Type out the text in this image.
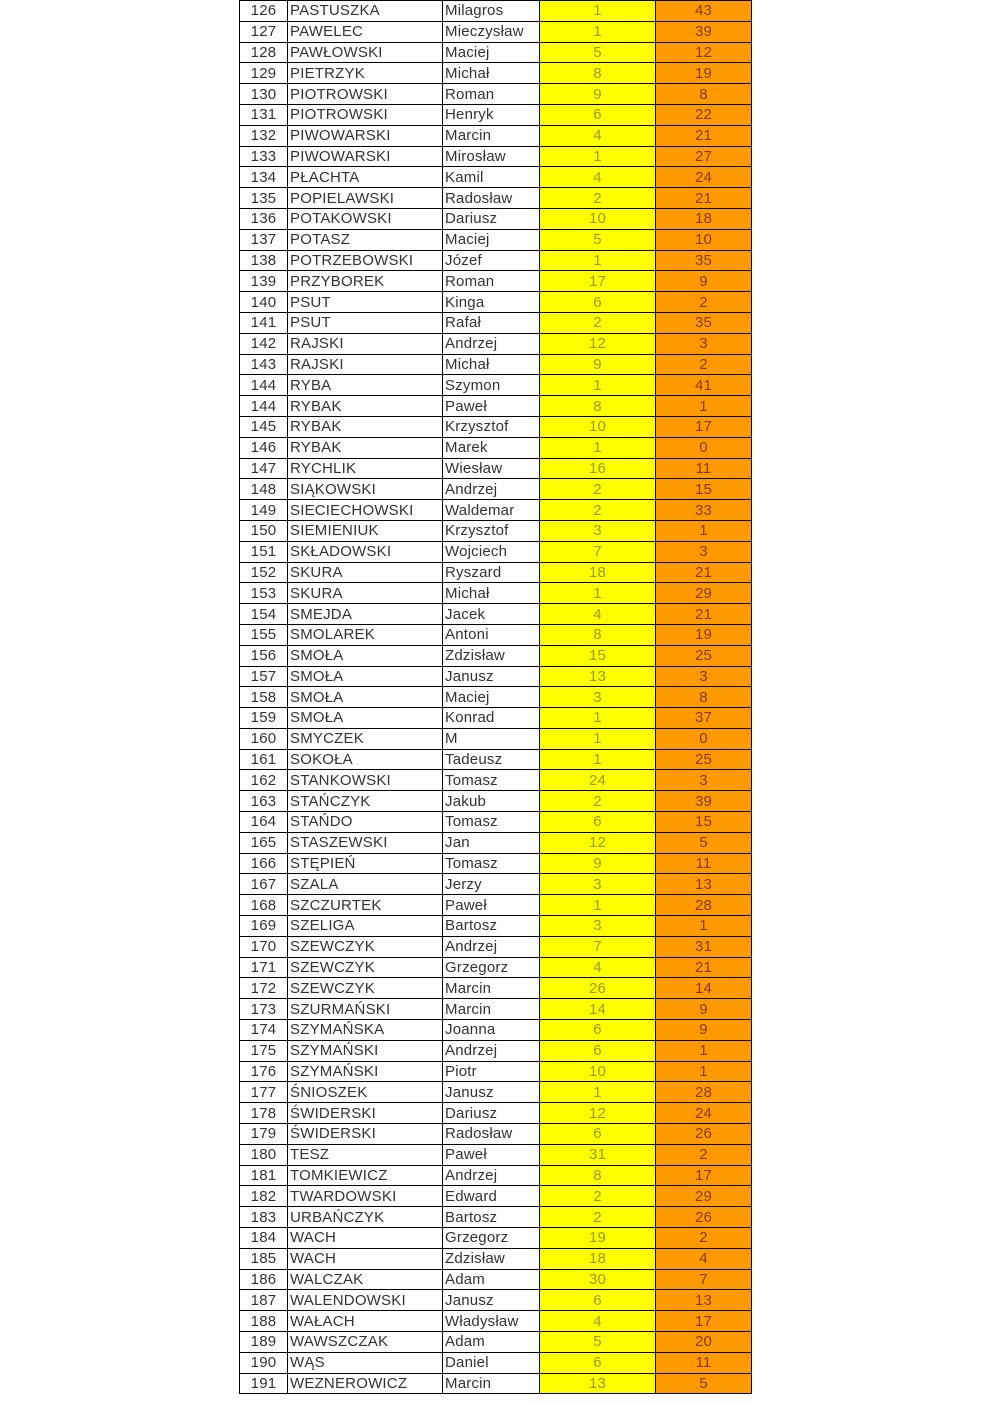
126	PASTUSZKA	Milagros	1	43
127	PAWELEC	Mieczysław	1	39
128	PAWŁOWSKI	Maciej	5	12
129	PIETRZYK	Michał	8	19
130	PIOTROWSKI	Roman	9	8
131	PIOTROWSKI	Henryk	6	22
132	PIWOWARSKI	Marcin	4	21
133	PIWOWARSKI	Mirosław	1	27
134	PŁACHTA	Kamil	4	24
135	POPIELAWSKI	Radosław	2	21
136	POTAKOWSKI	Dariusz	10	18
137	POTASZ	Maciej	5	10
138	POTRZEBOWSKI	Józef	1	35
139	PRZYBOREK	Roman	17	9
140	PSUT	Kinga	6	2
141	PSUT	Rafał	2	35
142	RAJSKI	Andrzej	12	3
143	RAJSKI	Michał	9	2
144	RYBA	Szymon	1	41
144	RYBAK	Paweł	8	1
145	RYBAK	Krzysztof	10	17
146	RYBAK	Marek	1	0
147	RYCHLIK	Wiesław	16	11
148	SIĄKOWSKI	Andrzej	2	15
149	SIECIECHOWSKI	Waldemar	2	33
150	SIEMIENIUK	Krzysztof	3	1
151	SKŁADOWSKI	Wojciech	7	3
152	SKURA	Ryszard	18	21
153	SKURA	Michał	1	29
154	SMEJDA	Jacek	4	21
155	SMOLAREK	Antoni	8	19
156	SMOŁA	Zdzisław	15	25
157	SMOŁA	Janusz	13	3
158	SMOŁA	Maciej	3	8
159	SMOŁA	Konrad	1	37
160	SMYCZEK	M	1	0
161	SOKOŁA	Tadeusz	1	25
162	STANKOWSKI	Tomasz	24	3
163	STAŃCZYK	Jakub	2	39
164	STAŃDO	Tomasz	6	15
165	STASZEWSKI	Jan	12	5
166	STĘPIEŃ	Tomasz	9	11
167	SZALA	Jerzy	3	13
168	SZCZURTEK	Paweł	1	28
169	SZELIGA	Bartosz	3	1
170	SZEWCZYK	Andrzej	7	31
171	SZEWCZYK	Grzegorz	4	21
172	SZEWCZYK	Marcin	26	14
173	SZURMAŃSKI	Marcin	14	9
174	SZYMAŃSKA	Joanna	6	9
175	SZYMAŃSKI	Andrzej	6	1
176	SZYMAŃSKI	Piotr	10	1
177	ŚNIOSZEK	Janusz	1	28
178	ŚWIDERSKI	Dariusz	12	24
179	ŚWIDERSKI	Radosław	6	26
180	TESZ	Paweł	31	2
181	TOMKIEWICZ	Andrzej	8	17
182	TWARDOWSKI	Edward	2	29
183	URBAŃCZYK	Bartosz	2	26
184	WACH	Grzegorz	19	2
185	WACH	Zdzisław	18	4
186	WALCZAK	Adam	30	7
187	WALENDOWSKI	Janusz	6	13
188	WAŁACH	Władysław	4	17
189	WAWSZCZAK	Adam	5	20
190	WĄS	Daniel	6	11
191	WEZNEROWICZ	Marcin	13	5
